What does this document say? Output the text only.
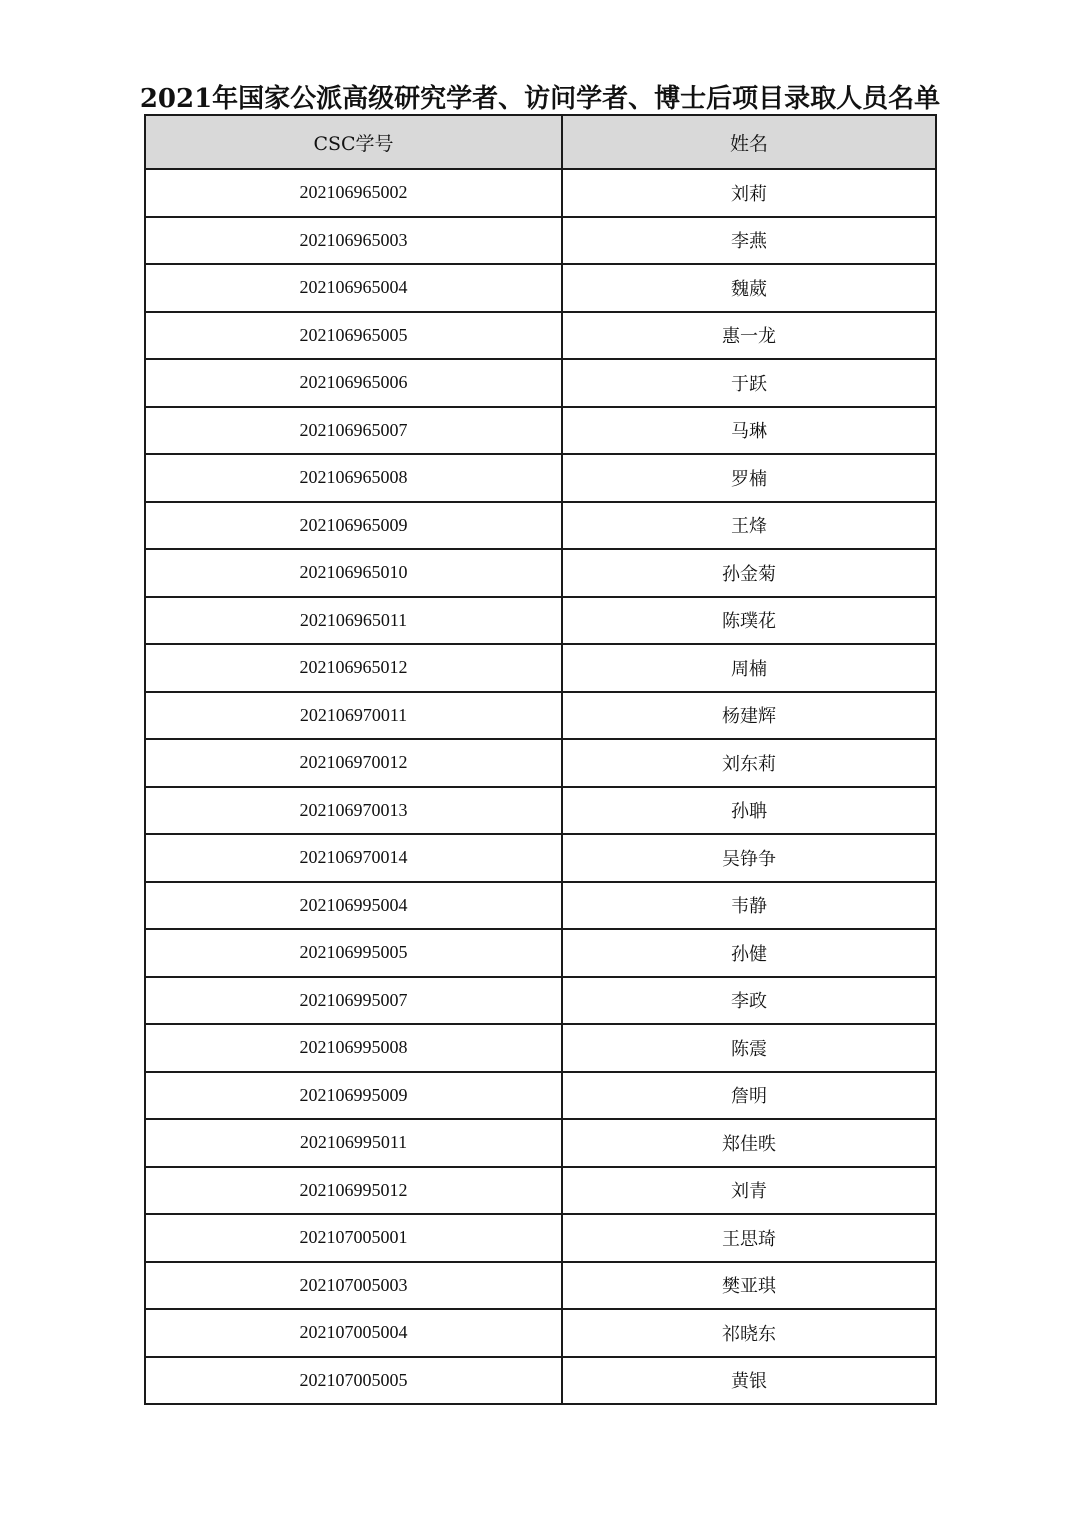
2021年国家公派高级研究学者、访问学者、博士后项目录取人员名单
CSC学号	姓名
202106965002	刘莉
202106965003	李燕
202106965004	魏葳
202106965005	惠一龙
202106965006	于跃
202106965007	马琳
202106965008	罗楠
202106965009	王烽
202106965010	孙金菊
202106965011	陈璞花
202106965012	周楠
202106970011	杨建辉
202106970012	刘东莉
202106970013	孙聃
202106970014	吴铮争
202106995004	韦静
202106995005	孙健
202106995007	李政
202106995008	陈震
202106995009	詹明
202106995011	郑佳昳
202106995012	刘青
202107005001	王思琦
202107005003	樊亚琪
202107005004	祁晓东
202107005005	黄银
